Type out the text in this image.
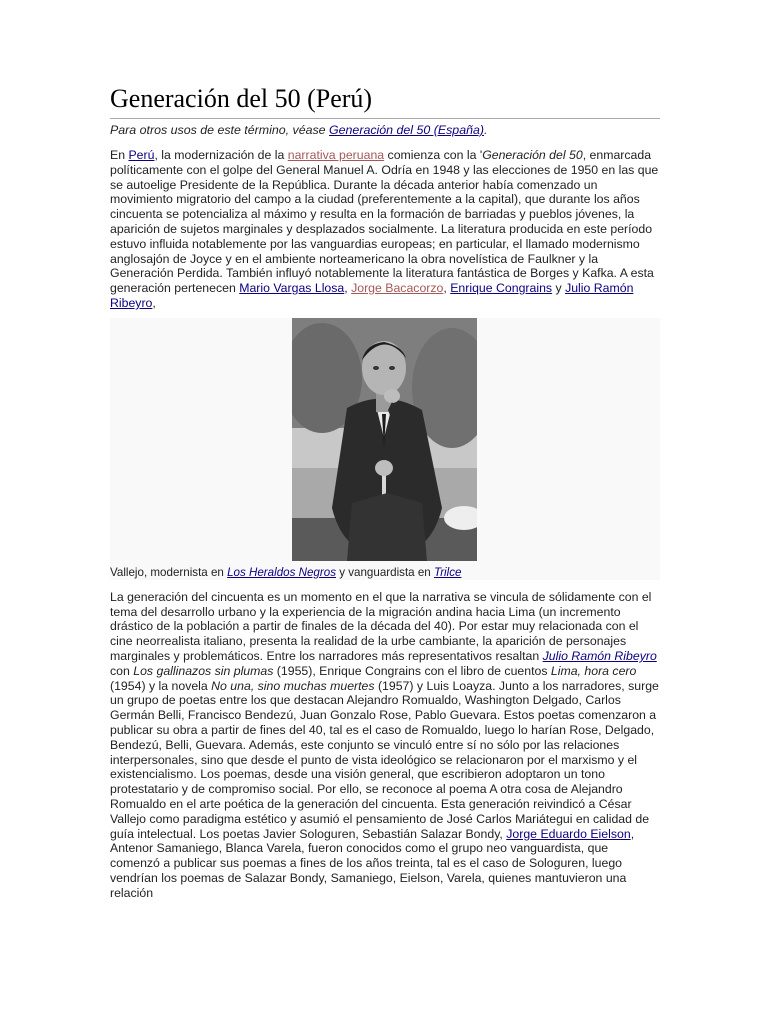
Generación del 50 (Perú)
Para otros usos de este término, véase Generación del 50 (España).

En Perú, la modernización de la narrativa peruana comienza con la 'Generación del 50, enmarcada políticamente con el golpe del General Manuel A. Odría en 1948 y las elecciones de 1950 en las que se autoelige Presidente de la República. Durante la década anterior había comenzado un movimiento migratorio del campo a la ciudad (preferentemente a la capital), que durante los años cincuenta se potencializa al máximo y resulta en la formación de barriadas y pueblos jóvenes, la aparición de sujetos marginales y desplazados socialmente. La literatura producida en este período estuvo influida notablemente por las vanguardias europeas; en particular, el llamado modernismo anglosajón de Joyce y en el ambiente norteamericano la obra novelística de Faulkner y la Generación Perdida. También influyó notablemente la literatura fantástica de Borges y Kafka. A esta generación pertenecen Mario Vargas Llosa, Jorge Bacacorzo, Enrique Congrains y Julio Ramón Ribeyro,

Vallejo, modernista en Los Heraldos Negros y vanguardista en Trilce

La generación del cincuenta es un momento en el que la narrativa se vincula de sólidamente con el tema del desarrollo urbano y la experiencia de la migración andina hacia Lima (un incremento drástico de la población a partir de finales de la década del 40). Por estar muy relacionada con el cine neorrealista italiano, presenta la realidad de la urbe cambiante, la aparición de personajes marginales y problemáticos. Entre los narradores más representativos resaltan Julio Ramón Ribeyro con Los gallinazos sin plumas (1955), Enrique Congrains con el libro de cuentos Lima, hora cero (1954) y la novela No una, sino muchas muertes (1957) y Luis Loayza. Junto a los narradores, surge un grupo de poetas entre los que destacan Alejandro Romualdo, Washington Delgado, Carlos Germán Belli, Francisco Bendezú, Juan Gonzalo Rose, Pablo Guevara. Estos poetas comenzaron a publicar su obra a partir de fines del 40, tal es el caso de Romualdo, luego lo harían Rose, Delgado, Bendezú, Belli, Guevara. Además, este conjunto se vinculó entre sí no sólo por las relaciones interpersonales, sino que desde el punto de vista ideológico se relacionaron por el marxismo y el existencialismo. Los poemas, desde una visión general, que escribieron adoptaron un tono protestatario y de compromiso social. Por ello, se reconoce al poema A otra cosa de Alejandro Romualdo en el arte poética de la generación del cincuenta. Esta generación reivindicó a César Vallejo como paradigma estético y asumió el pensamiento de José Carlos Mariátegui en calidad de guía intelectual. Los poetas Javier Sologuren, Sebastián Salazar Bondy, Jorge Eduardo Eielson, Antenor Samaniego, Blanca Varela, fueron conocidos como el grupo neo vanguardista, que comenzó a publicar sus poemas a fines de los años treinta, tal es el caso de Sologuren, luego vendrían los poemas de Salazar Bondy, Samaniego, Eielson, Varela, quienes mantuvieron una relación
